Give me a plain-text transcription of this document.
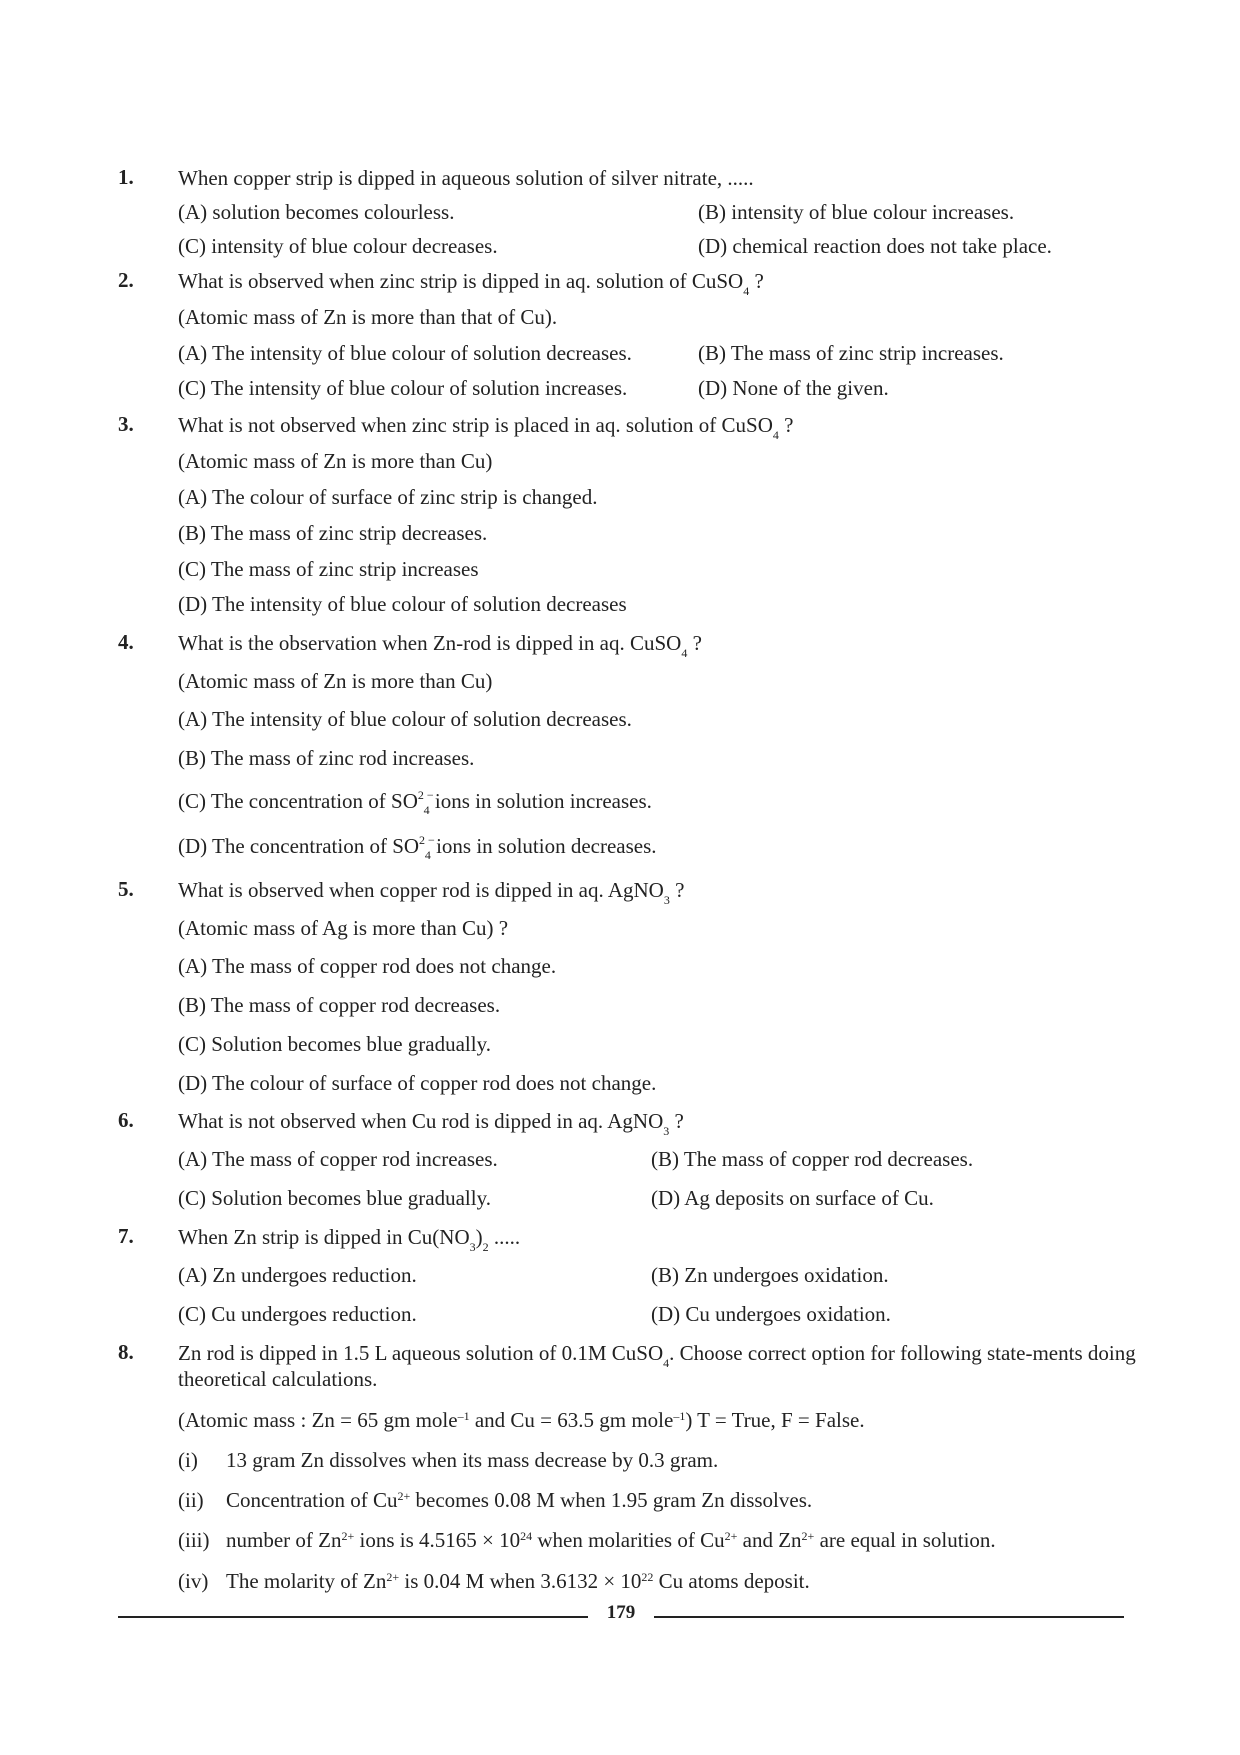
1. When copper strip is dipped in aqueous solution of silver nitrate, .....
(A) solution becomes colourless.	(B) intensity of blue colour increases.
(C) intensity of blue colour decreases.	(D) chemical reaction does not take place.
2. What is observed when zinc strip is dipped in aq. solution of CuSO$_4$ ?
(Atomic mass of Zn is more than that of Cu).
(A) The intensity of blue colour of solution decreases.	(B) The mass of zinc strip increases.
(C) The intensity of blue colour of solution increases.	(D) None of the given.
3. What is not observed when zinc strip is placed in aq. solution of CuSO$_4$ ?
(Atomic mass of Zn is more than Cu)
(A) The colour of surface of zinc strip is changed.
(B) The mass of zinc strip decreases.
(C) The mass of zinc strip increases
(D) The intensity of blue colour of solution decreases
4. What is the observation when Zn-rod is dipped in aq. CuSO$_4$ ?
(Atomic mass of Zn is more than Cu)
(A) The intensity of blue colour of solution decreases.
(B) The mass of zinc rod increases.
(C) The concentration of $SO^{2 -}_4$ ions in solution increases.
(D) The concentration of $SO^{2 -}_4$ ions in solution decreases.
5. What is observed when copper rod is dipped in aq. AgNO$_3$ ?
(Atomic mass of Ag is more than Cu) ?
(A) The mass of copper rod does not change.
(B) The mass of copper rod decreases.
(C) Solution becomes blue gradually.
(D) The colour of surface of copper rod does not change.
6. What is not observed when Cu rod is dipped in aq. AgNO$_3$ ?
(A) The mass of copper rod increases.	(B) The mass of copper rod decreases.
(C) Solution becomes blue gradually.	(D) Ag deposits on surface of Cu.
7. When Zn strip is dipped in $Cu(NO_3)_2$ .....
(A) Zn undergoes reduction.	(B) Zn undergoes oxidation.
(C) Cu undergoes reduction.	(D) Cu undergoes oxidation.
8. Zn rod is dipped in 1.5 L aqueous solution of 0.1M CuSO$_4$. Choose correct option for following state-ments doing theoretical calculations.
(Atomic mass : Zn = 65 gm mole$^{-1}$ and Cu = 63.5 gm mole$^{-1}$) T = True, F = False.
(i) 13 gram Zn dissolves when its mass decrease by 0.3 gram.
(ii) Concentration of $Cu^{2+}$ becomes 0.08 M when 1.95 gram Zn dissolves.
(iii) number of $Zn^{2+}$ ions is $4.5165 \times 10^{24}$ when molarities of $Cu^{2+}$ and $Zn^{2+}$ are equal in solution.
(iv) The molarity of $Zn^{2+}$ is 0.04 M when $3.6132 \times 10^{22}$ Cu atoms deposit.
179
